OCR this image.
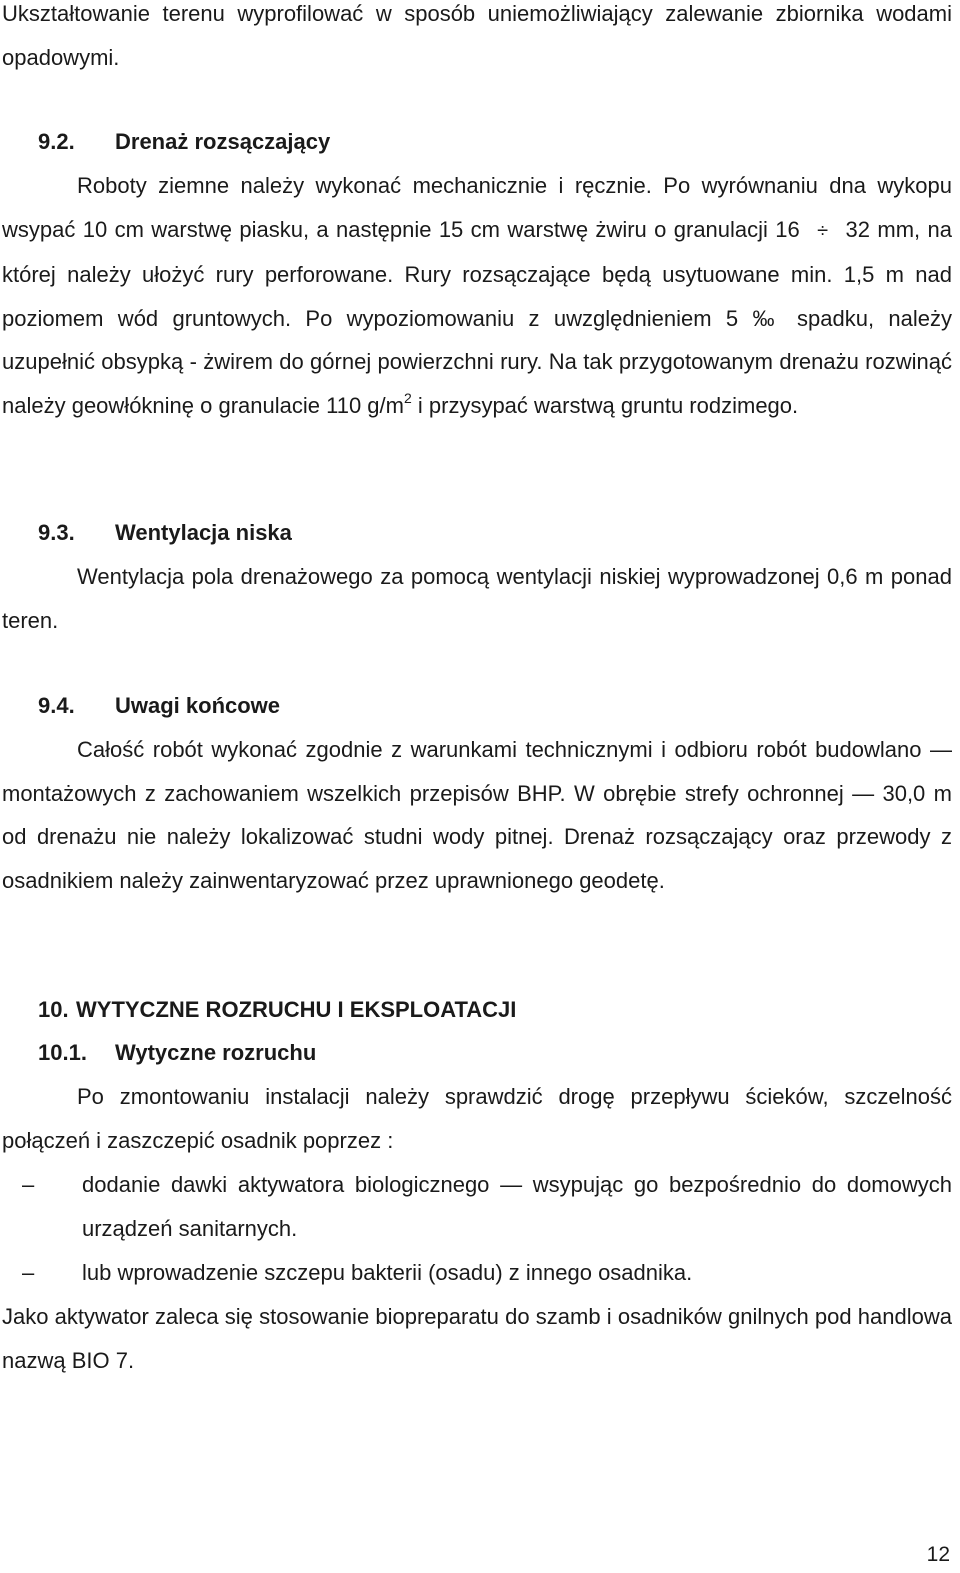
Ukształtowanie terenu wyprofilować w sposób uniemożliwiający zalewanie zbiornika wodami opadowymi.
9.2. Drenaż rozsączający
Roboty ziemne należy wykonać mechanicznie i ręcznie. Po wyrównaniu dna wykopu wsypać 10 cm warstwę piasku, a następnie 15 cm warstwę żwiru o granulacji 16 ÷ 32 mm, na której należy ułożyć rury perforowane. Rury rozsączające będą usytuowane min. 1,5 m nad poziomem wód gruntowych. Po wypoziomowaniu z uwzględnieniem 5 ‰ spadku, należy uzupełnić obsypką - żwirem do górnej powierzchni rury. Na tak przygotowanym drenażu rozwinąć należy geowłókninę o granulacie 110 $g/m^2$ i przysypać warstwą gruntu rodzimego.
9.3. Wentylacja niska
Wentylacja pola drenażowego za pomocą wentylacji niskiej wyprowadzonej 0,6 m ponad teren.
9.4. Uwagi końcowe
Całość robót wykonać zgodnie z warunkami technicznymi i odbioru robót budowlano — montażowych z zachowaniem wszelkich przepisów BHP. W obrębie strefy ochronnej — 30,0 m od drenażu nie należy lokalizować studni wody pitnej. Drenaż rozsączający oraz przewody z osadnikiem należy zainwentaryzować przez uprawnionego geodetę.
10. WYTYCZNE ROZRUCHU I EKSPLOATACJI
10.1. Wytyczne rozruchu
Po zmontowaniu instalacji należy sprawdzić drogę przepływu ścieków, szczelność połączeń i zaszczepić osadnik poprzez :
– dodanie dawki aktywatora biologicznego — wsypując go bezpośrednio do domowych urządzeń sanitarnych.
– lub wprowadzenie szczepu bakterii (osadu) z innego osadnika.
Jako aktywator zaleca się stosowanie biopreparatu do szamb i osadników gnilnych pod handlowa nazwą BIO 7.
12
